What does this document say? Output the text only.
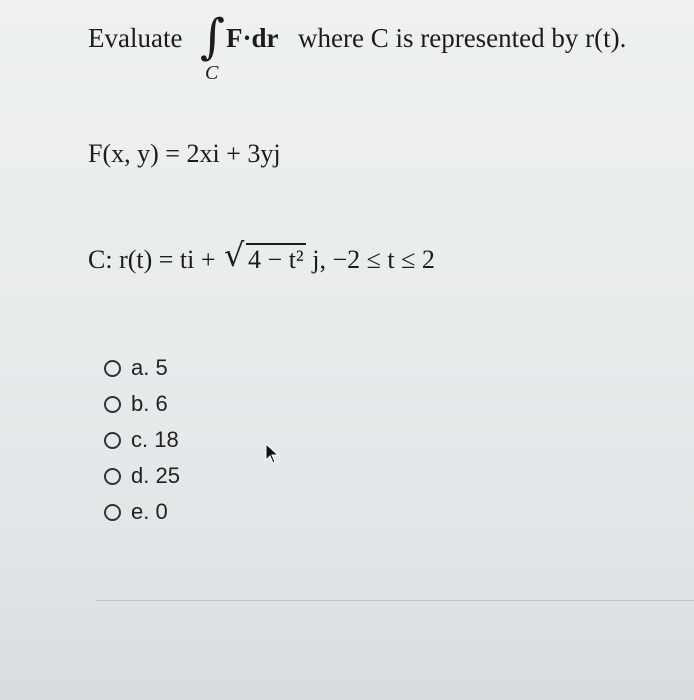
Evaluate ∫
C
F·dr where C is represented by r(t).
F(x, y) = 2xi + 3yj
C: r(t) = ti + √ 4 − t² j, −2 ≤ t ≤ 2
a. 5
b. 6
c. 18
d. 25
e. 0
